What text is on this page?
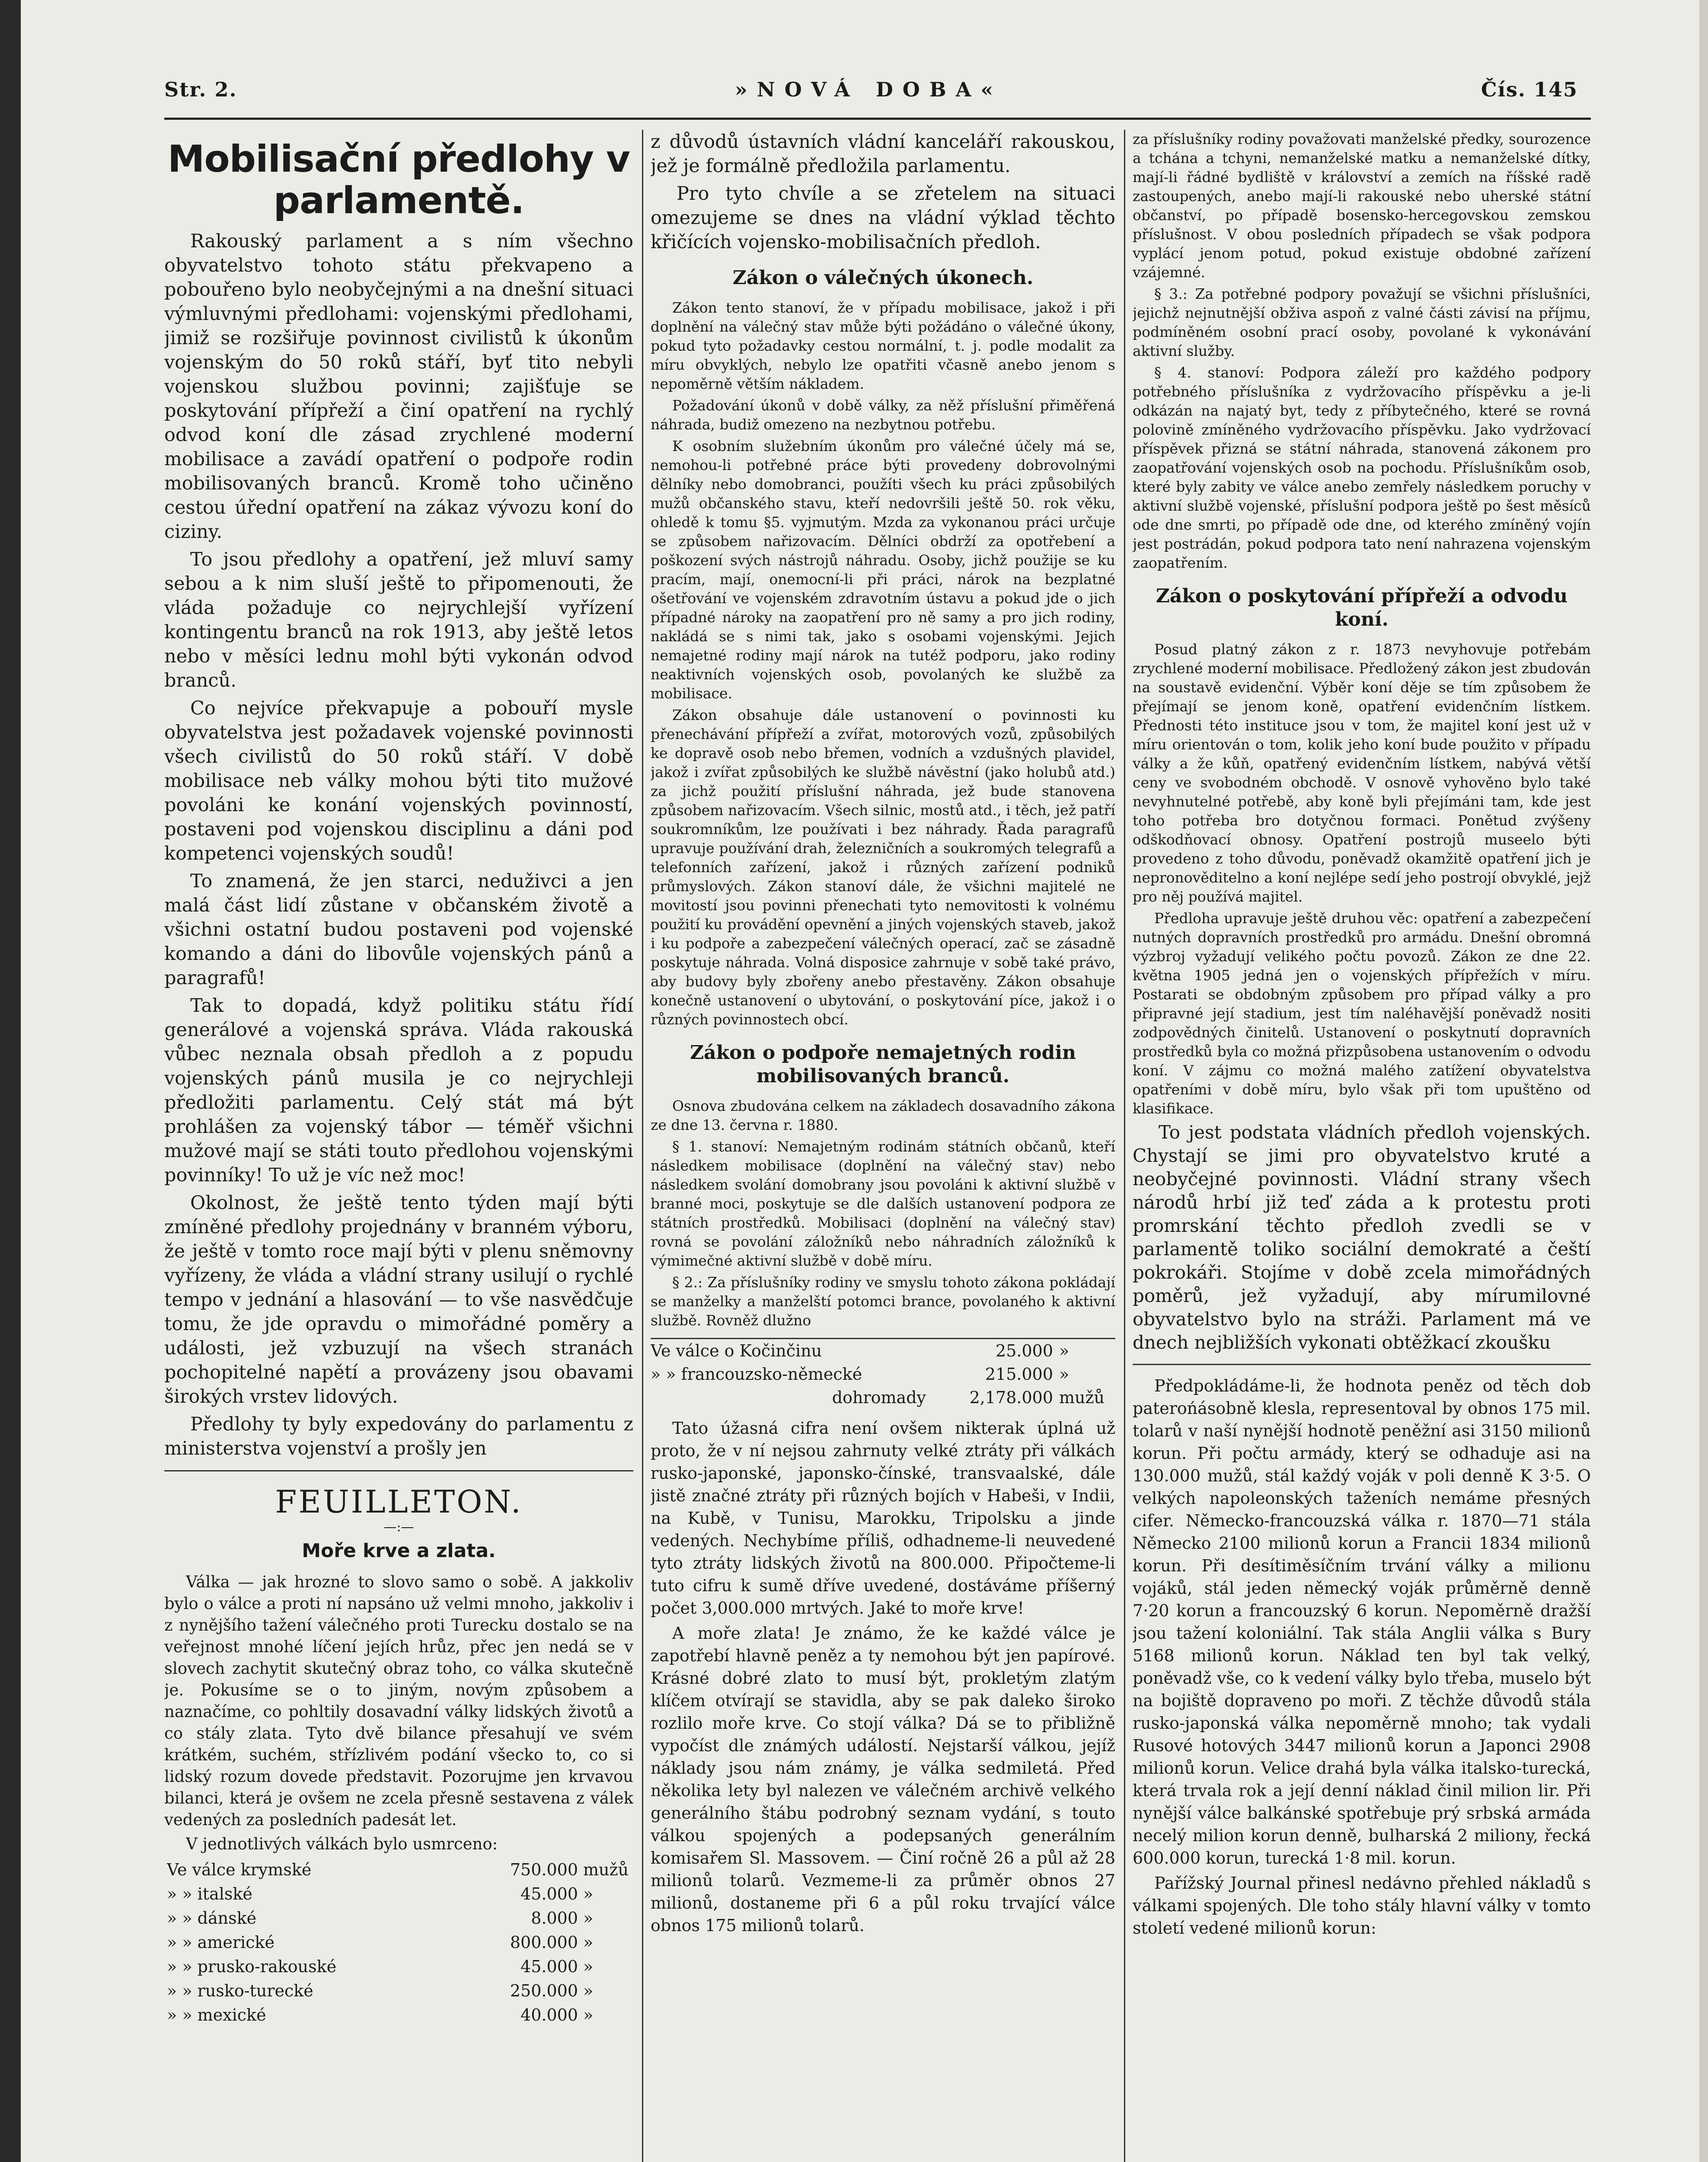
Str. 2.	»NOVÁ DOBA«	Čís. 145
Mobilisační předlohy v parlamentě.

Rakouský parlament a s ním všechno obyvatelstvo tohoto státu překvapeno a pobouřeno bylo neobyčejnými a na dnešní situaci výmluvnými předlohami: vojenskými předlohami, jimiž se rozšiřuje povinnost civilistů k úkonům vojenským do 50 roků stáří, byť tito nebyli vojenskou službou povinni; zajišťuje se poskytování přípřeží a činí opatření na rychlý odvod koní dle zásad zrychlené moderní mobilisace a zavádí opatření o podpoře rodin mobilisovaných branců. Kromě toho učiněno cestou úřední opatření na zákaz vývozu koní do ciziny.

To jsou předlohy a opatření, jež mluví samy sebou a k nim sluší ještě to připomenouti, že vláda požaduje co nejrychlejší vyřízení kontingentu branců na rok 1913, aby ještě letos nebo v měsíci lednu mohl býti vykonán odvod branců.

Co nejvíce překvapuje a pobouří mysle obyvatelstva jest požadavek vojenské povinnosti všech civilistů do 50 roků stáří. V době mobilisace neb války mohou býti tito mužové povoláni ke konání vojenských povinností, postaveni pod vojenskou disciplinu a dáni pod kompetenci vojenských soudů!

To znamená, že jen starci, neduživci a jen malá část lidí zůstane v občanském životě a všichni ostatní budou postaveni pod vojenské komando a dáni do libovůle vojenských pánů a paragrafů!

Tak to dopadá, když politiku státu řídí generálové a vojenská správa. Vláda rakouská vůbec neznala obsah předloh a z popudu vojenských pánů musila je co nejrychleji předložiti parlamentu. Celý stát má být prohlášen za vojenský tábor — téměř všichni mužové mají se státi touto předlohou vojenskými povinníky! To už je víc než moc!

Okolnost, že ještě tento týden mají býti zmíněné předlohy projednány v branném výboru, že ještě v tomto roce mají býti v plenu sněmovny vyřízeny, že vláda a vládní strany usilují o rychlé tempo v jednání a hlasování — to vše nasvědčuje tomu, že jde opravdu o mimořádné poměry a události, jež vzbuzují na všech stranách pochopitelné napětí a provázeny jsou obavami širokých vrstev lidových.

Předlohy ty byly expedovány do parlamentu z ministerstva vojenství a prošly jen

FEUILLETON.
—:—
Moře krve a zlata.

Válka — jak hrozné to slovo samo o sobě. A jakkoliv bylo o válce a proti ní napsáno už velmi mnoho, jakkoliv i z nynějšího tažení válečného proti Turecku dostalo se na veřejnost mnohé líčení jejích hrůz, přec jen nedá se v slovech zachytit skutečný obraz toho, co válka skutečně je. Pokusíme se o to jiným, novým způsobem a naznačíme, co pohltily dosavadní války lidských životů a co stály zlata. Tyto dvě bilance přesahují ve svém krátkém, suchém, střízlivém podání všecko to, co si lidský rozum dovede představit. Pozorujme jen krvavou bilanci, která je ovšem ne zcela přesně sestavena z válek vedených za posledních padesát let.

V jednotlivých válkách bylo usmrceno:

Ve válce krymské	750.000	mužů
» » italské	45.000	»
» » dánské	8.000	»
» » americké	800.000	»
» » prusko-rakouské	45.000	»
» » rusko-turecké	250.000	»
» » mexické	40.000	»

z důvodů ústavních vládní kanceláří rakouskou, jež je formálně předložila parlamentu.

Pro tyto chvíle a se zřetelem na situaci omezujeme se dnes na vládní výklad těchto křičících vojensko-mobilisačních předloh.

Zákon o válečných úkonech.

Zákon tento stanoví, že v případu mobilisace, jakož i při doplnění na válečný stav může býti požádáno o válečné úkony, pokud tyto požadavky cestou normální, t. j. podle modalit za míru obvyklých, nebylo lze opatřiti včasně anebo jenom s nepoměrně větším nákladem.

Požadování úkonů v době války, za něž příslušní přiměřená náhrada, budiž omezeno na nezbytnou potřebu.

K osobním služebním úkonům pro válečné účely má se, nemohou-li potřebné práce býti provedeny dobrovolnými dělníky nebo domobranci, použíti všech ku práci způsobilých mužů občanského stavu, kteří nedovršili ještě 50. rok věku, ohledě k tomu §5. vyjmutým. Mzda za vykonanou práci určuje se způsobem nařizovacím. Dělníci obdrží za opotřebení a poškození svých nástrojů náhradu. Osoby, jichž použije se ku pracím, mají, onemocní-li při práci, nárok na bezplatné ošetřování ve vojenském zdravotním ústavu a pokud jde o jich případné nároky na zaopatření pro ně samy a pro jich rodiny, nakládá se s nimi tak, jako s osobami vojenskými. Jejich nemajetné rodiny mají nárok na tutéž podporu, jako rodiny neaktivních vojenských osob, povolaných ke službě za mobilisace.

Zákon obsahuje dále ustanovení o povinnosti ku přenechávání přípřeží a zvířat, motorových vozů, způsobilých ke dopravě osob nebo břemen, vodních a vzdušných plavidel, jakož i zvířat způsobilých ke službě návěstní (jako holubů atd.) za jichž použití příslušní náhrada, jež bude stanovena způsobem nařizovacím. Všech silnic, mostů atd., i těch, jež patří soukromníkům, lze používati i bez náhrady. Řada paragrafů upravuje používání drah, železničních a soukromých telegrafů a telefonních zařízení, jakož i různých zařízení podniků průmyslových. Zákon stanoví dále, že všichni majitelé ne movitostí jsou povinni přenechati tyto nemovitosti k volnému použití ku provádění opevnění a jiných vojenských staveb, jakož i ku podpoře a zabezpečení válečných operací, zač se zásadně poskytuje náhrada. Volná disposice zahrnuje v sobě také právo, aby budovy byly zbořeny anebo přestavěny. Zákon obsahuje konečně ustanovení o ubytování, o poskytování píce, jakož i o různých povinnostech obcí.

Zákon o podpoře nemajetných rodin mobilisovaných branců.

Osnova zbudována celkem na základech dosavadního zákona ze dne 13. června r. 1880.

§ 1. stanoví: Nemajetným rodinám státních občanů, kteří následkem mobilisace (doplnění na válečný stav) nebo následkem svolání domobrany jsou povoláni k aktivní službě v branné moci, poskytuje se dle dalších ustanovení podpora ze státních prostředků. Mobilisaci (doplnění na válečný stav) rovná se povolání záložníků nebo náhradních záložníků k výmimečné aktivní službě v době míru.

§ 2.: Za příslušníky rodiny ve smyslu tohoto zákona pokládají se manželky a manželští potomci brance, povolaného k aktivní službě. Rovněž dlužno

Ve válce o Kočinčinu	25.000 »
» » francouzsko-německé	215.000 »
dohromady	2,178.000 mužů

Tato úžasná cifra není ovšem nikterak úplná už proto, že v ní nejsou zahrnuty velké ztráty při válkách rusko-japonské, japonsko-čínské, transvaalské, dále jistě značné ztráty při různých bojích v Habeši, v Indii, na Kubě, v Tunisu, Marokku, Tripolsku a jinde vedených. Nechybíme příliš, odhadneme-li neuvedené tyto ztráty lidských životů na 800.000. Připočteme-li tuto cifru k sumě dříve uvedené, dostáváme příšerný počet 3,000.000 mrtvých. Jaké to moře krve!

A moře zlata! Je známo, že ke každé válce je zapotřebí hlavně peněz a ty nemohou být jen papírové. Krásné dobré zlato to musí být, prokletým zlatým klíčem otvírají se stavidla, aby se pak daleko široko rozlilo moře krve. Co stojí válka? Dá se to přibližně vypočíst dle známých událostí. Nejstarší válkou, jejíž náklady jsou nám známy, je válka sedmiletá. Před několika lety byl nalezen ve válečném archivě velkého generálního štábu podrobný seznam vydání, s touto válkou spojených a podepsaných generálním komisařem Sl. Massovem. — Činí ročně 26 a půl až 28 milionů tolarů. Vezmeme-li za průměr obnos 27 milionů, dostaneme při 6 a půl roku trvající válce obnos 175 milionů tolarů.

za příslušníky rodiny považovati manželské předky, sourozence a tchána a tchyni, nemanželské matku a nemanželské dítky, mají-li řádné bydliště v království a zemích na říšské radě zastoupených, anebo mají-li rakouské nebo uherské státní občanství, po případě bosensko-hercegovskou zemskou příslušnost. V obou posledních případech se však podpora vyplácí jenom potud, pokud existuje obdobné zařízení vzájemné.

§ 3.: Za potřebné podpory považují se všichni příslušníci, jejichž nejnutnější obživa aspoň z valné části závisí na příjmu, podmíněném osobní prací osoby, povolané k vykonávání aktivní služby.

§ 4. stanoví: Podpora záleží pro každého podpory potřebného příslušníka z vydržovacího příspěvku a je-li odkázán na najatý byt, tedy z příbytečného, které se rovná polovině zmíněného vydržovacího příspěvku. Jako vydržovací příspěvek přizná se státní náhrada, stanovená zákonem pro zaopatřování vojenských osob na pochodu. Příslušníkům osob, které byly zabity ve válce anebo zemřely následkem poruchy v aktivní službě vojenské, příslušní podpora ještě po šest měsíců ode dne smrti, po případě ode dne, od kterého zmíněný vojín jest postrádán, pokud podpora tato není nahrazena vojenským zaopatřením.

Zákon o poskytování přípřeží a odvodu koní.

Posud platný zákon z r. 1873 nevyhovuje potřebám zrychlené moderní mobilisace. Předložený zákon jest zbudován na soustavě evidenční. Výběr koní děje se tím způsobem že přejímají se jenom koně, opatření evidenčním lístkem. Přednosti této instituce jsou v tom, že majitel koní jest už v míru orientován o tom, kolik jeho koní bude použito v případu války a že kůň, opatřený evidenčním lístkem, nabývá větší ceny ve svobodném obchodě. V osnově vyhověno bylo také nevyhnutelné potřebě, aby koně byli přejímáni tam, kde jest toho potřeba bro dotyčnou formaci. Ponětud zvýšeny odškodňovací obnosy. Opatření postrojů museelo býti provedeno z toho důvodu, poněvadž okamžitě opatření jich je nepronověditelno a koní nejlépe sedí jeho postrojí obvyklé, jejž pro něj používá majitel.

Předloha upravuje ještě druhou věc: opatření a zabezpečení nutných dopravních prostředků pro armádu. Dnešní obromná výzbroj vyžadují velikého počtu povozů. Zákon ze dne 22. května 1905 jedná jen o vojenských přípřežích v míru. Postarati se obdobným způsobem pro případ války a pro připravné její stadium, jest tím naléhavější poněvadž nositi zodpovědných činitelů. Ustanovení o poskytnutí dopravních prostředků byla co možná přizpůsobena ustanovením o odvodu koní. V zájmu co možná malého zatížení obyvatelstva opatřeními v době míru, bylo však při tom upuštěno od klasifikace.

To jest podstata vládních předloh vojenských. Chystají se jimi pro obyvatelstvo kruté a neobyčejné povinnosti. Vládní strany všech národů hrbí již teď záda a k protestu proti promrskání těchto předloh zvedli se v parlamentě toliko sociální demokraté a čeští pokrokáři. Stojíme v době zcela mimořádných poměrů, jež vyžadují, aby mírumilovné obyvatelstvo bylo na stráži. Parlament má ve dnech nejbližších vykonati obtěžkací zkoušku

Předpokládáme-li, že hodnota peněz od těch dob paterońásobně klesla, representoval by obnos 175 mil. tolarů v naší nynější hodnotě peněžní asi 3150 milionů korun. Při počtu armády, který se odhaduje asi na 130.000 mužů, stál každý voják v poli denně K 3·5. O velkých napoleonských taženích nemáme přesných cifer. Německo-francouzská válka r. 1870—71 stála Německo 2100 milionů korun a Francii 1834 milionů korun. Při desítiměsíčním trvání války a milionu vojáků, stál jeden německý voják průměrně denně 7·20 korun a francouzský 6 korun. Nepoměrně dražší jsou tažení koloniální. Tak stála Anglii válka s Bury 5168 milionů korun. Náklad ten byl tak velký, poněvadž vše, co k vedení války bylo třeba, muselo být na bojiště dopraveno po moři. Z těchže důvodů stála rusko-japonská válka nepoměrně mnoho; tak vydali Rusové hotových 3447 milionů korun a Japonci 2908 milionů korun. Velice drahá byla válka italsko-turecká, která trvala rok a její denní náklad činil milion lir. Při nynější válce balkánské spotřebuje prý srbská armáda necelý milion korun denně, bulharská 2 miliony, řecká 600.000 korun, turecká 1·8 mil. korun.

Pařížský Journal přinesl nedávno přehled nákladů s válkami spojených. Dle toho stály hlavní války v tomto století vedené milionů korun:
